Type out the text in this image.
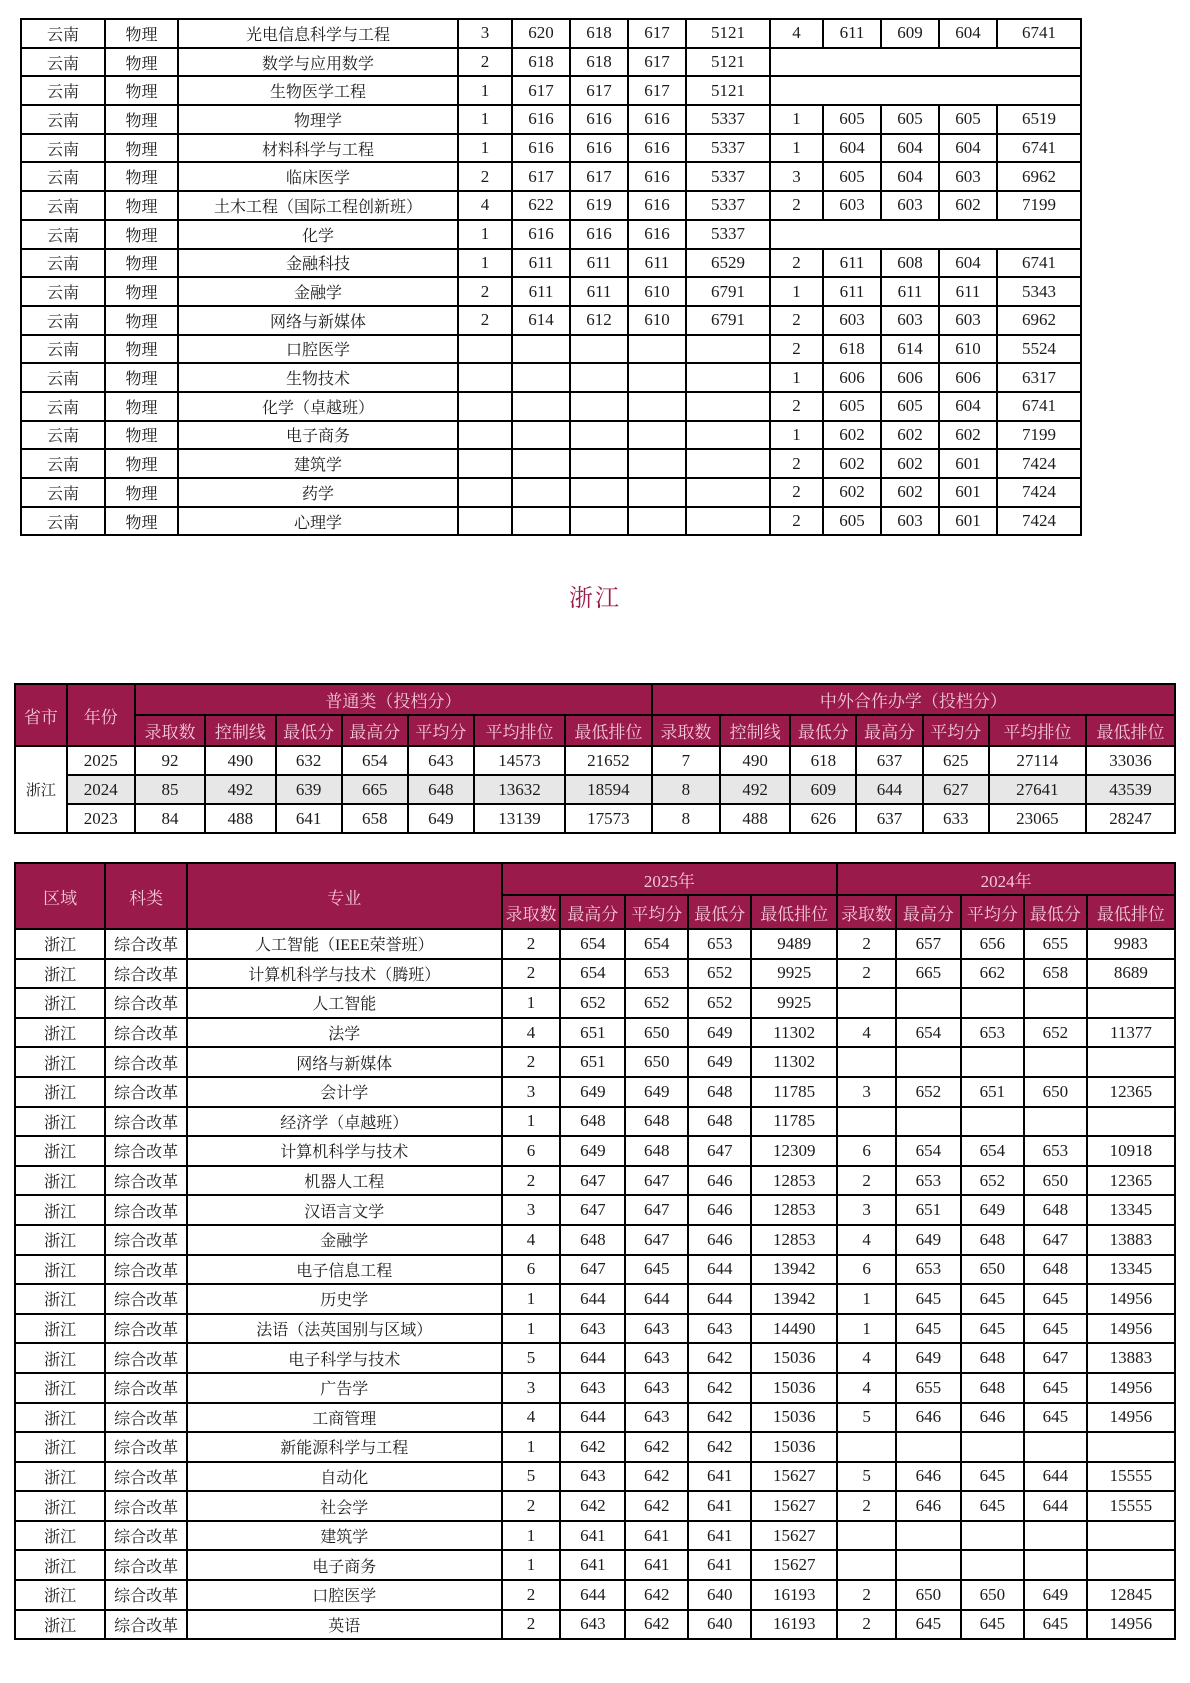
云南	物理	光电信息科学与工程	3	620	618	617	5121	4	611	609	604	6741
云南	物理	数学与应用数学	2	618	618	617	5121					
云南	物理	生物医学工程	1	617	617	617	5121					
云南	物理	物理学	1	616	616	616	5337	1	605	605	605	6519
云南	物理	材料科学与工程	1	616	616	616	5337	1	604	604	604	6741
云南	物理	临床医学	2	617	617	616	5337	3	605	604	603	6962
云南	物理	土木工程（国际工程创新班）	4	622	619	616	5337	2	603	603	602	7199
云南	物理	化学	1	616	616	616	5337					
云南	物理	金融科技	1	611	611	611	6529	2	611	608	604	6741
云南	物理	金融学	2	611	611	610	6791	1	611	611	611	5343
云南	物理	网络与新媒体	2	614	612	610	6791	2	603	603	603	6962
云南	物理	口腔医学						2	618	614	610	5524
云南	物理	生物技术						1	606	606	606	6317
云南	物理	化学（卓越班）						2	605	605	604	6741
云南	物理	电子商务						1	602	602	602	7199
云南	物理	建筑学						2	602	602	601	7424
云南	物理	药学						2	602	602	601	7424
云南	物理	心理学						2	605	603	601	7424
浙江
省市	年份	普通类（投档分）							中外合作办学（投档分）						
		录取数	控制线	最低分	最高分	平均分	平均排位	最低排位	录取数	控制线	最低分	最高分	平均分	平均排位	最低排位
浙江	2025	92	490	632	654	643	14573	21652	7	490	618	637	625	27114	33036
	2024	85	492	639	665	648	13632	18594	8	492	609	644	627	27641	43539
	2023	84	488	641	658	649	13139	17573	8	488	626	637	633	23065	28247
区域	科类	专业	2025年					2024年				
			录取数	最高分	平均分	最低分	最低排位	录取数	最高分	平均分	最低分	最低排位
浙江	综合改革	人工智能（IEEE荣誉班）	2	654	654	653	9489	2	657	656	655	9983
浙江	综合改革	计算机科学与技术（腾班）	2	654	653	652	9925	2	665	662	658	8689
浙江	综合改革	人工智能	1	652	652	652	9925					
浙江	综合改革	法学	4	651	650	649	11302	4	654	653	652	11377
浙江	综合改革	网络与新媒体	2	651	650	649	11302					
浙江	综合改革	会计学	3	649	649	648	11785	3	652	651	650	12365
浙江	综合改革	经济学（卓越班）	1	648	648	648	11785					
浙江	综合改革	计算机科学与技术	6	649	648	647	12309	6	654	654	653	10918
浙江	综合改革	机器人工程	2	647	647	646	12853	2	653	652	650	12365
浙江	综合改革	汉语言文学	3	647	647	646	12853	3	651	649	648	13345
浙江	综合改革	金融学	4	648	647	646	12853	4	649	648	647	13883
浙江	综合改革	电子信息工程	6	647	645	644	13942	6	653	650	648	13345
浙江	综合改革	历史学	1	644	644	644	13942	1	645	645	645	14956
浙江	综合改革	法语（法英国别与区域）	1	643	643	643	14490	1	645	645	645	14956
浙江	综合改革	电子科学与技术	5	644	643	642	15036	4	649	648	647	13883
浙江	综合改革	广告学	3	643	643	642	15036	4	655	648	645	14956
浙江	综合改革	工商管理	4	644	643	642	15036	5	646	646	645	14956
浙江	综合改革	新能源科学与工程	1	642	642	642	15036					
浙江	综合改革	自动化	5	643	642	641	15627	5	646	645	644	15555
浙江	综合改革	社会学	2	642	642	641	15627	2	646	645	644	15555
浙江	综合改革	建筑学	1	641	641	641	15627					
浙江	综合改革	电子商务	1	641	641	641	15627					
浙江	综合改革	口腔医学	2	644	642	640	16193	2	650	650	649	12845
浙江	综合改革	英语	2	643	642	640	16193	2	645	645	645	14956
